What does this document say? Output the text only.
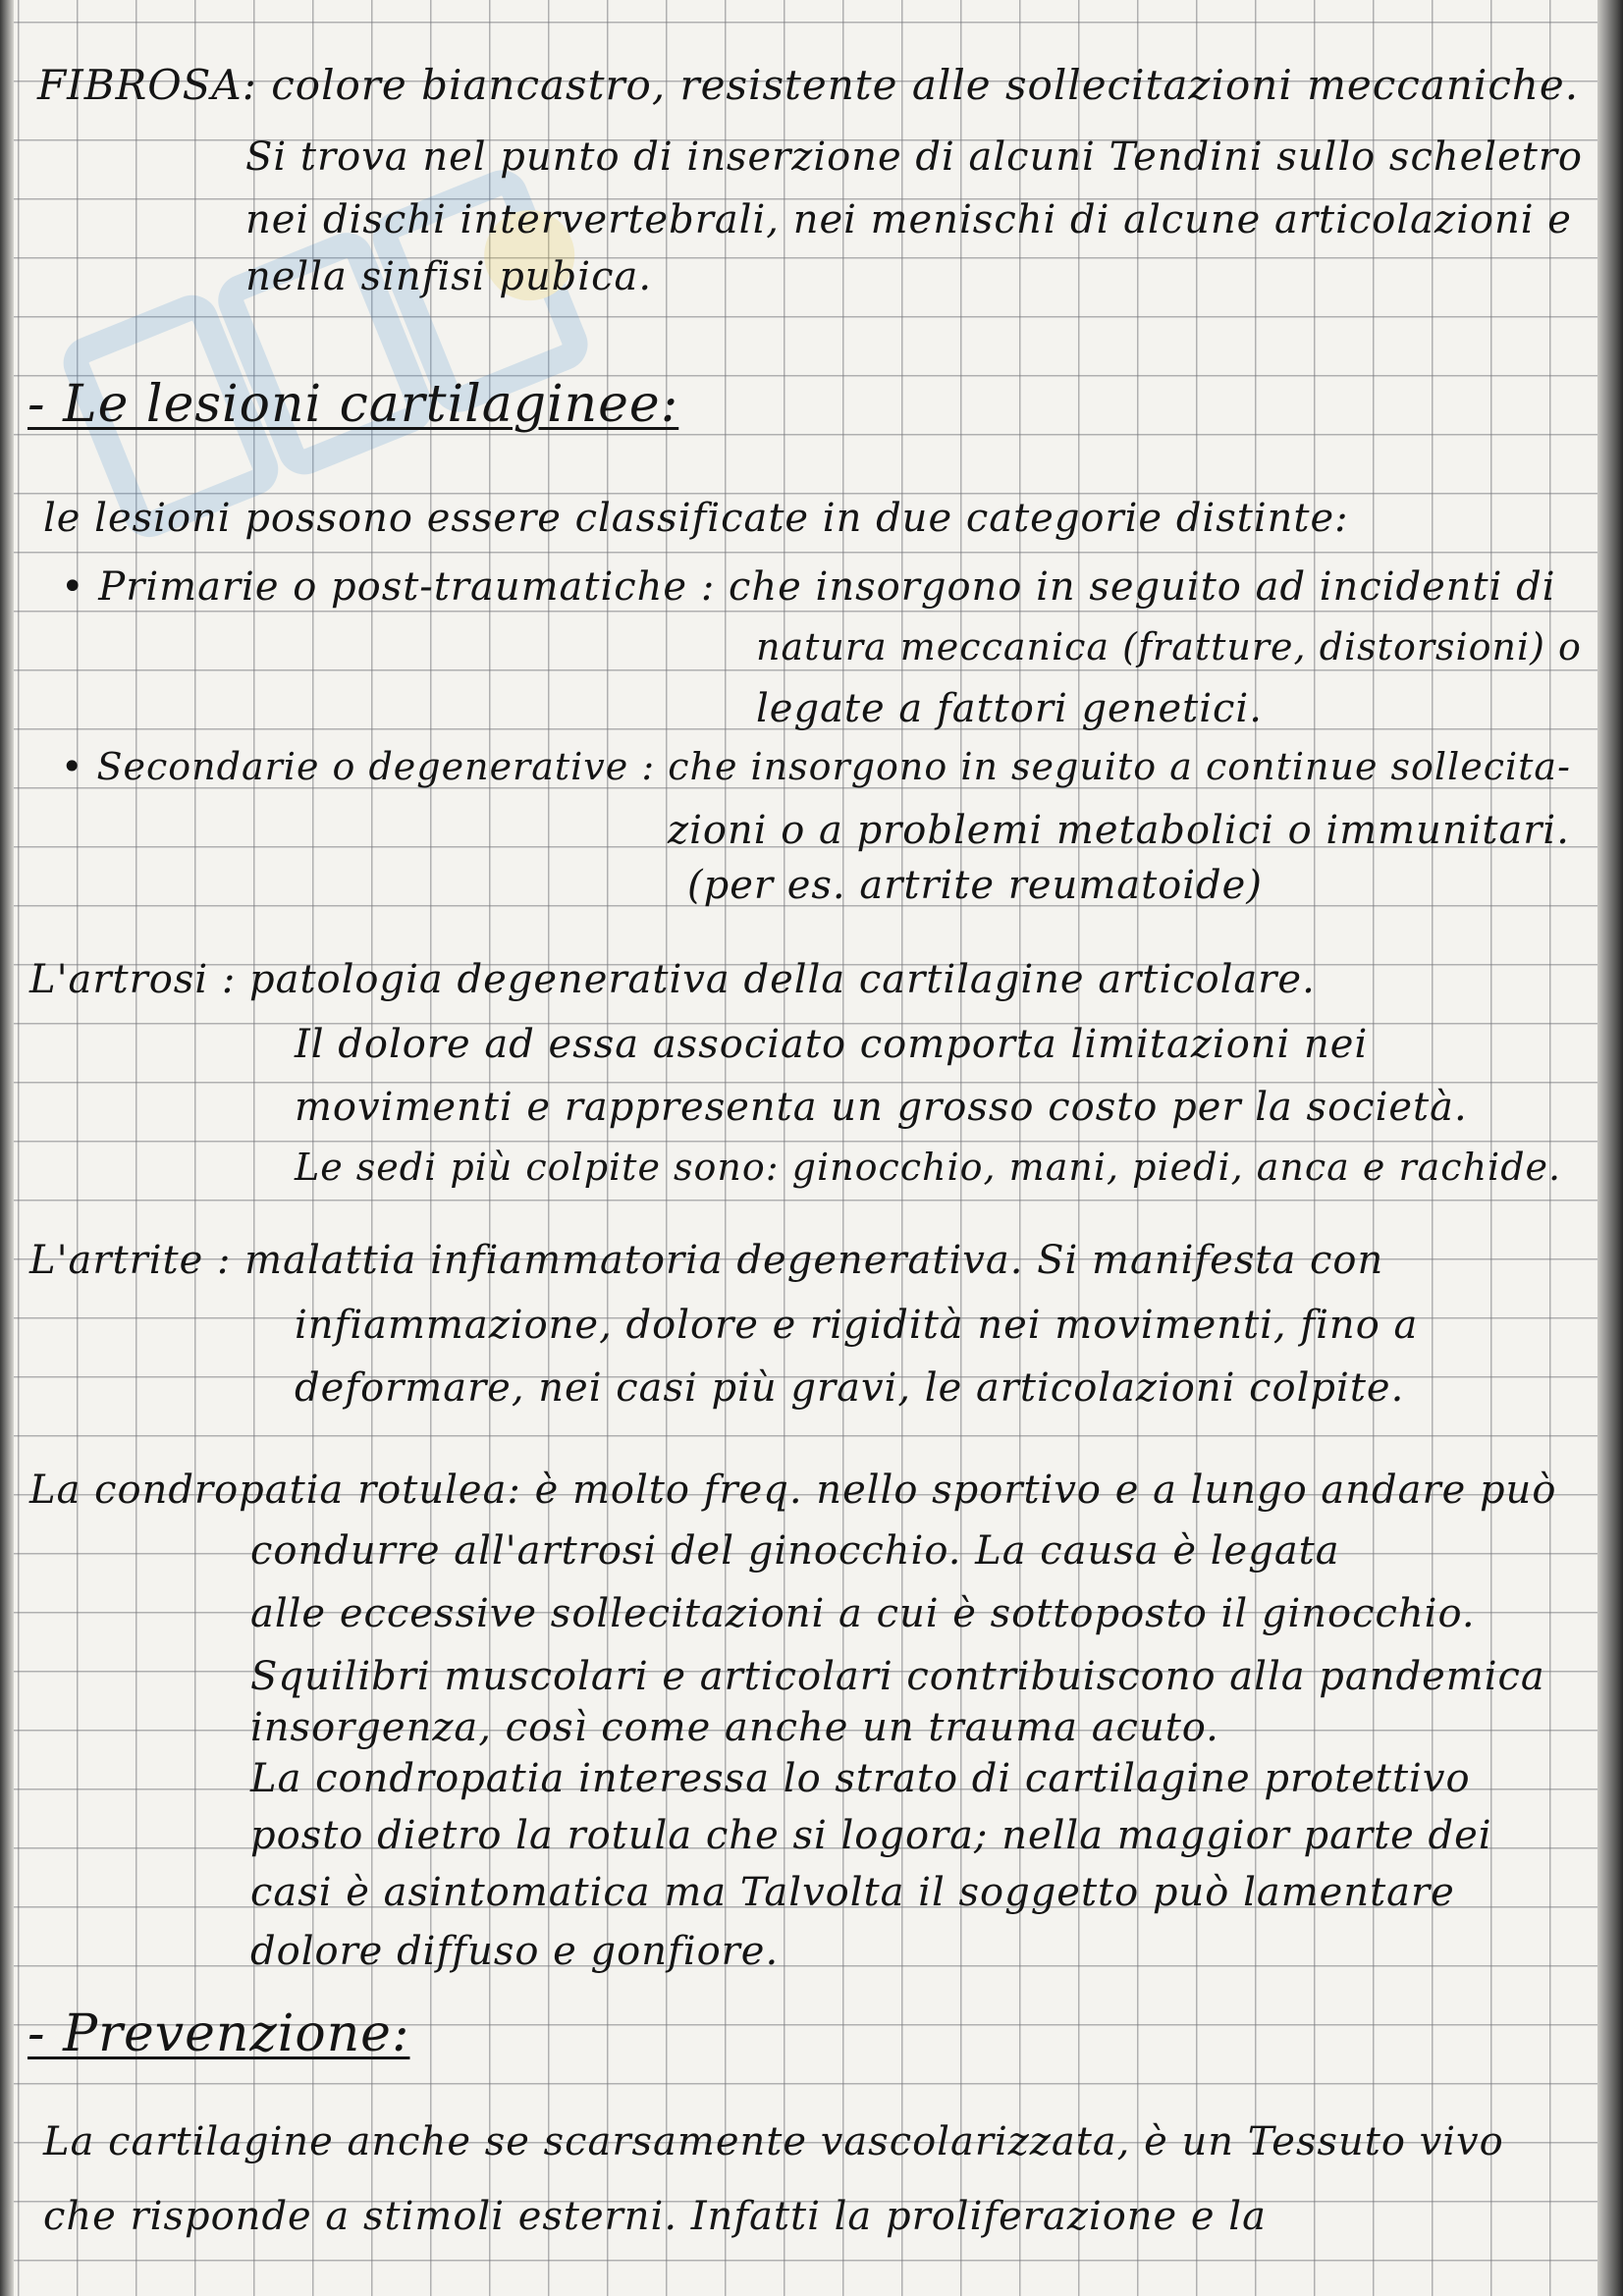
FIBROSA: colore biancastro, resistente alle sollecitazioni meccaniche.
Si trova nel punto di inserzione di alcuni Tendini sullo scheletro
nei dischi intervertebrali, nei menischi di alcune articolazioni e
nella sinfisi pubica.
- Le lesioni cartilaginee:
le lesioni possono essere classificate in due categorie distinte:
• Primarie o post-traumatiche : che insorgono in seguito ad incidenti di
natura meccanica (fratture, distorsioni) o
legate a fattori genetici.
• Secondarie o degenerative : che insorgono in seguito a continue sollecita-
zioni o a problemi metabolici o immunitari.
(per es. artrite reumatoide)
L'artrosi : patologia degenerativa della cartilagine articolare.
Il dolore ad essa associato comporta limitazioni nei
movimenti e rappresenta un grosso costo per la società.
Le sedi più colpite sono: ginocchio, mani, piedi, anca e rachide.
L'artrite : malattia infiammatoria degenerativa. Si manifesta con
infiammazione, dolore e rigidità nei movimenti, fino a
deformare, nei casi più gravi, le articolazioni colpite.
La condropatia rotulea: è molto freq. nello sportivo e a lungo andare può
condurre all'artrosi del ginocchio. La causa è legata
alle eccessive sollecitazioni a cui è sottoposto il ginocchio.
Squilibri muscolari e articolari contribuiscono alla pandemica
insorgenza, così come anche un trauma acuto.
La condropatia interessa lo strato di cartilagine protettivo
posto dietro la rotula che si logora; nella maggior parte dei
casi è asintomatica ma Talvolta il soggetto può lamentare
dolore diffuso e gonfiore.
- Prevenzione:
La cartilagine anche se scarsamente vascolarizzata, è un Tessuto vivo
che risponde a stimoli esterni. Infatti la proliferazione e la
